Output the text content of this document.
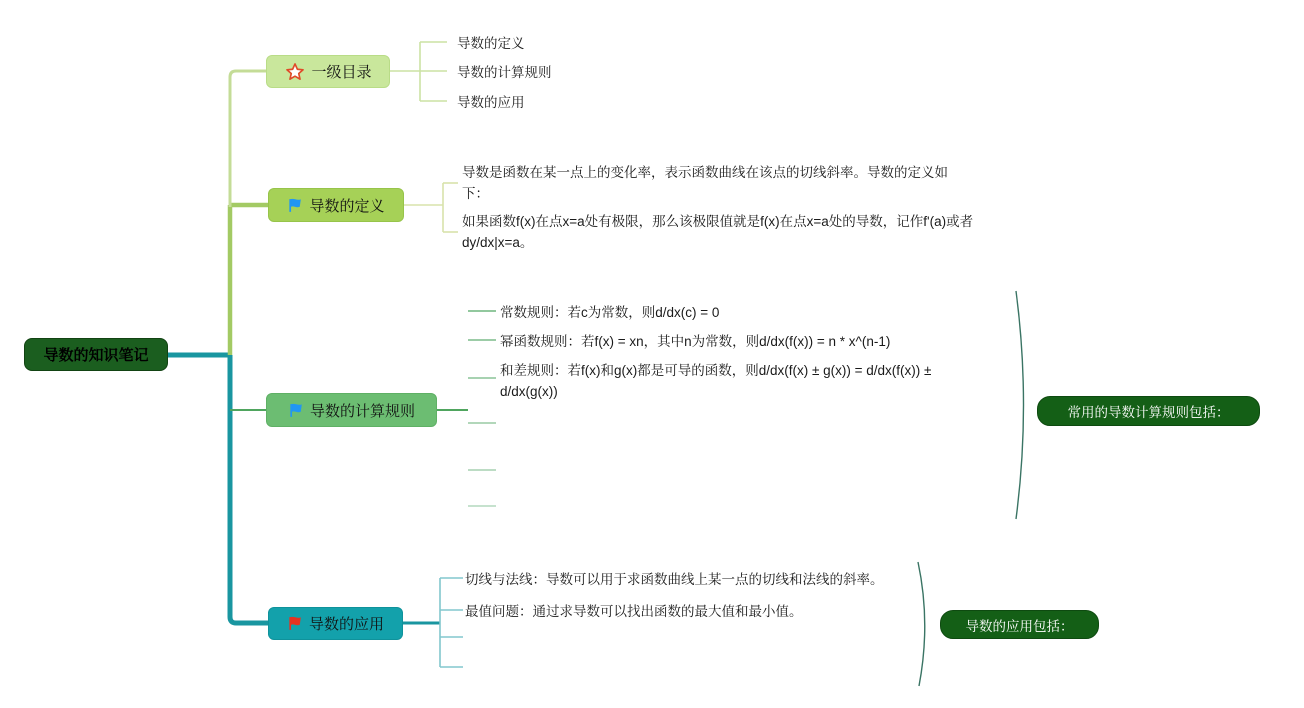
导数的知识笔记
一级目录
导数的定义
导数的计算规则
导数的应用
导数的定义
导数是函数在某一点上的变化率，表示函数曲线在该点的切线斜率。导数的定义如下：
如果函数f(x)在点x=a处有极限，那么该极限值就是f(x)在点x=a处的导数，记作f'(a)或者dy/dx|x=a。
导数的计算规则
常数规则：若c为常数，则d/dx(c) = 0
幂函数规则：若f(x) = xn，其中n为常数，则d/dx(f(x)) = n * x^(n-1)
和差规则：若f(x)和g(x)都是可导的函数，则d/dx(f(x) ± g(x)) = d/dx(f(x)) ± d/dx(g(x))
常用的导数计算规则包括：
导数的应用
切线与法线：导数可以用于求函数曲线上某一点的切线和法线的斜率。
最值问题：通过求导数可以找出函数的最大值和最小值。
导数的应用包括：
